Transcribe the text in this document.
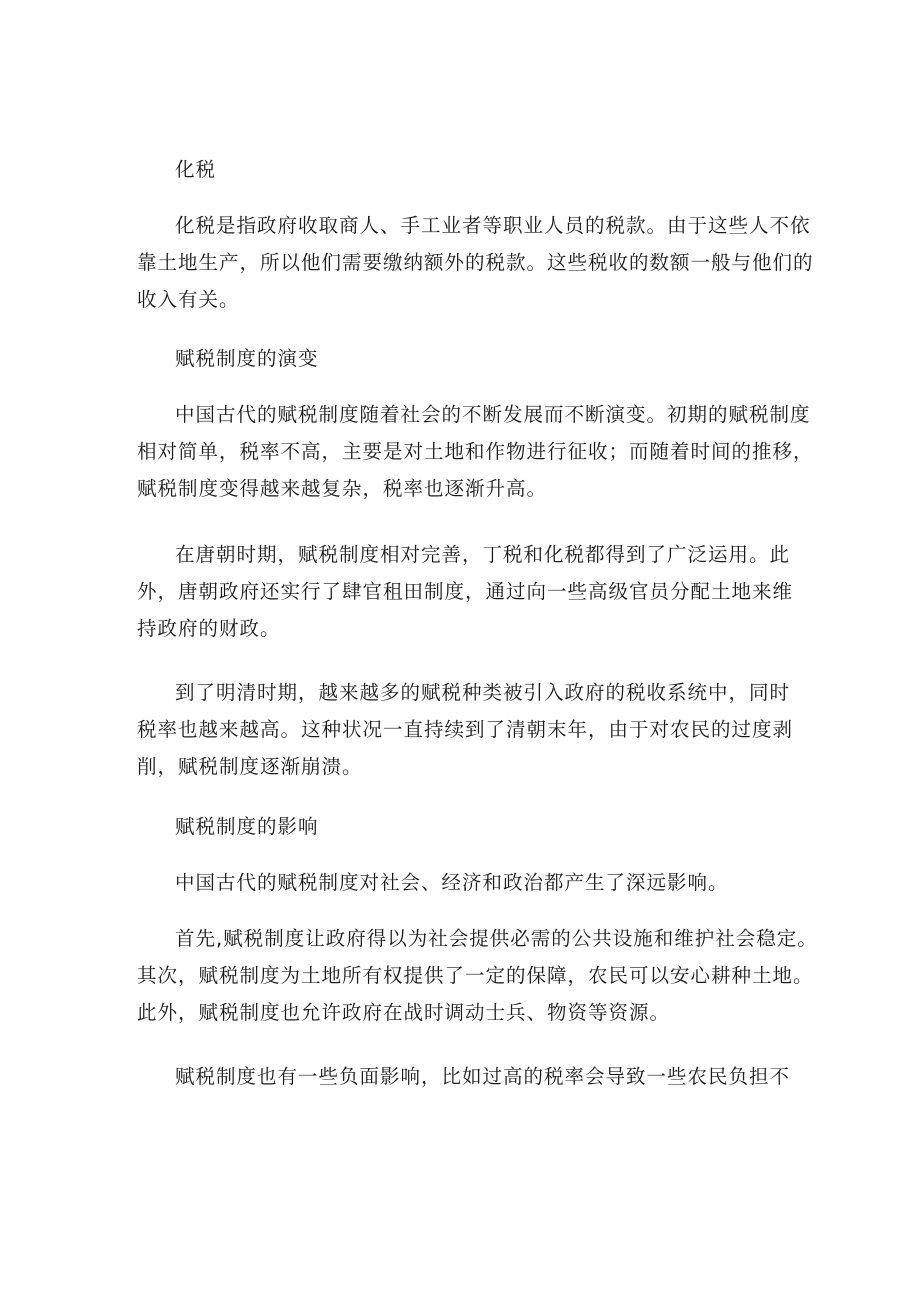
化税
化税是指政府收取商人、手工业者等职业人员的税款。由于这些人不依
靠土地生产，所以他们需要缴纳额外的税款。这些税收的数额一般与他们的
收入有关。
赋税制度的演变
中国古代的赋税制度随着社会的不断发展而不断演变。初期的赋税制度
相对简单，税率不高，主要是对土地和作物进行征收；而随着时间的推移，
赋税制度变得越来越复杂，税率也逐渐升高。
在唐朝时期，赋税制度相对完善，丁税和化税都得到了广泛运用。此
外，唐朝政府还实行了肆官租田制度，通过向一些高级官员分配土地来维
持政府的财政。
到了明清时期，越来越多的赋税种类被引入政府的税收系统中，同时
税率也越来越高。这种状况一直持续到了清朝末年，由于对农民的过度剥
削，赋税制度逐渐崩溃。
赋税制度的影响
中国古代的赋税制度对社会、经济和政治都产生了深远影响。
首先,赋税制度让政府得以为社会提供必需的公共设施和维护社会稳定。
其次，赋税制度为土地所有权提供了一定的保障，农民可以安心耕种土地。
此外，赋税制度也允许政府在战时调动士兵、物资等资源。
赋税制度也有一些负面影响，比如过高的税率会导致一些农民负担不
